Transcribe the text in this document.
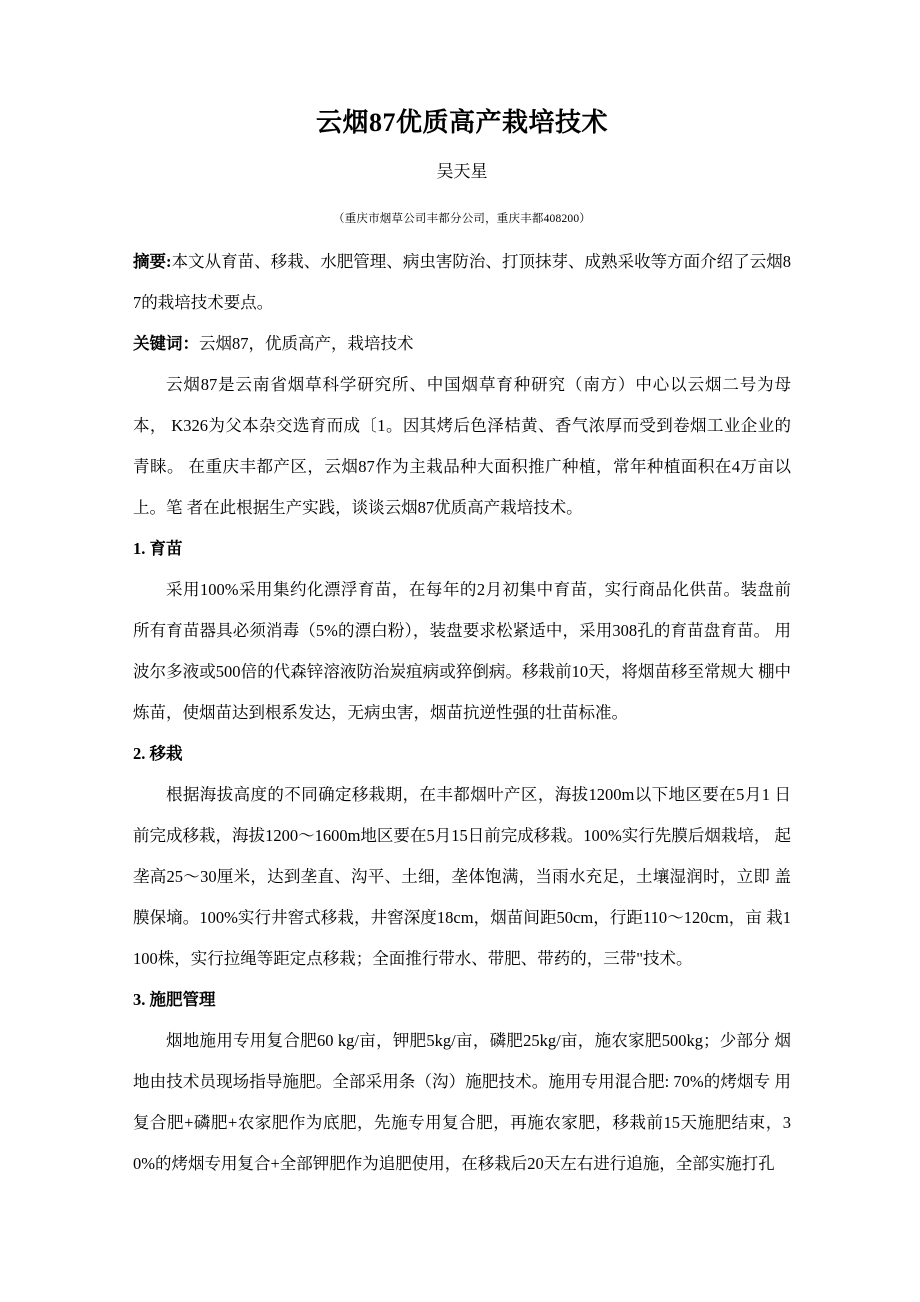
云烟87优质高产栽培技术

吴天星

（重庆市烟草公司丰都分公司，重庆丰都408200）

摘要:本文从育苗、移栽、水肥管理、病虫害防治、打顶抹芽、成熟采收等方面介绍了云烟87的栽培技术要点。

关键词：云烟87，优质高产，栽培技术

云烟87是云南省烟草科学研究所、中国烟草育种研究（南方）中心以云烟二号为母本， K326为父本杂交选育而成〔1。因其烤后色泽桔黄、香气浓厚而受到卷烟工业企业的青睐。 在重庆丰都产区，云烟87作为主栽品种大面积推广种植，常年种植面积在4万亩以上。笔 者在此根据生产实践，谈谈云烟87优质高产栽培技术。

1. 育苗

采用100%采用集约化漂浮育苗，在每年的2月初集中育苗，实行商品化供苗。装盘前 所有育苗器具必须消毒（5%的漂白粉），装盘要求松紧适中，采用308孔的育苗盘育苗。 用波尔多液或500倍的代森锌溶液防治炭疽病或猝倒病。移栽前10天，将烟苗移至常规大 棚中炼苗，使烟苗达到根系发达，无病虫害，烟苗抗逆性强的壮苗标准。

2. 移栽

根据海拔高度的不同确定移栽期，在丰都烟叶产区，海拔1200m以下地区要在5月1 日前完成移栽，海拔1200～1600m地区要在5月15日前完成移栽。100%实行先膜后烟栽培， 起垄高25～30厘米，达到垄直、沟平、土细，垄体饱满，当雨水充足，土壤湿润时，立即 盖膜保墒。100%实行井窖式移栽，井窖深度18cm，烟苗间距50cm，行距110～120cm，亩 栽1100株，实行拉绳等距定点移栽；全面推行带水、带肥、带药的，三带"技术。

3. 施肥管理

烟地施用专用复合肥60 kg/亩，钾肥5kg/亩，磷肥25kg/亩，施农家肥500kg；少部分 烟地由技术员现场指导施肥。全部采用条（沟）施肥技术。施用专用混合肥: 70%的烤烟专 用复合肥+磷肥+农家肥作为底肥，先施专用复合肥，再施农家肥，移栽前15天施肥结束，30%的烤烟专用复合+全部钾肥作为追肥使用，在移栽后20天左右进行追施，全部实施打孔
